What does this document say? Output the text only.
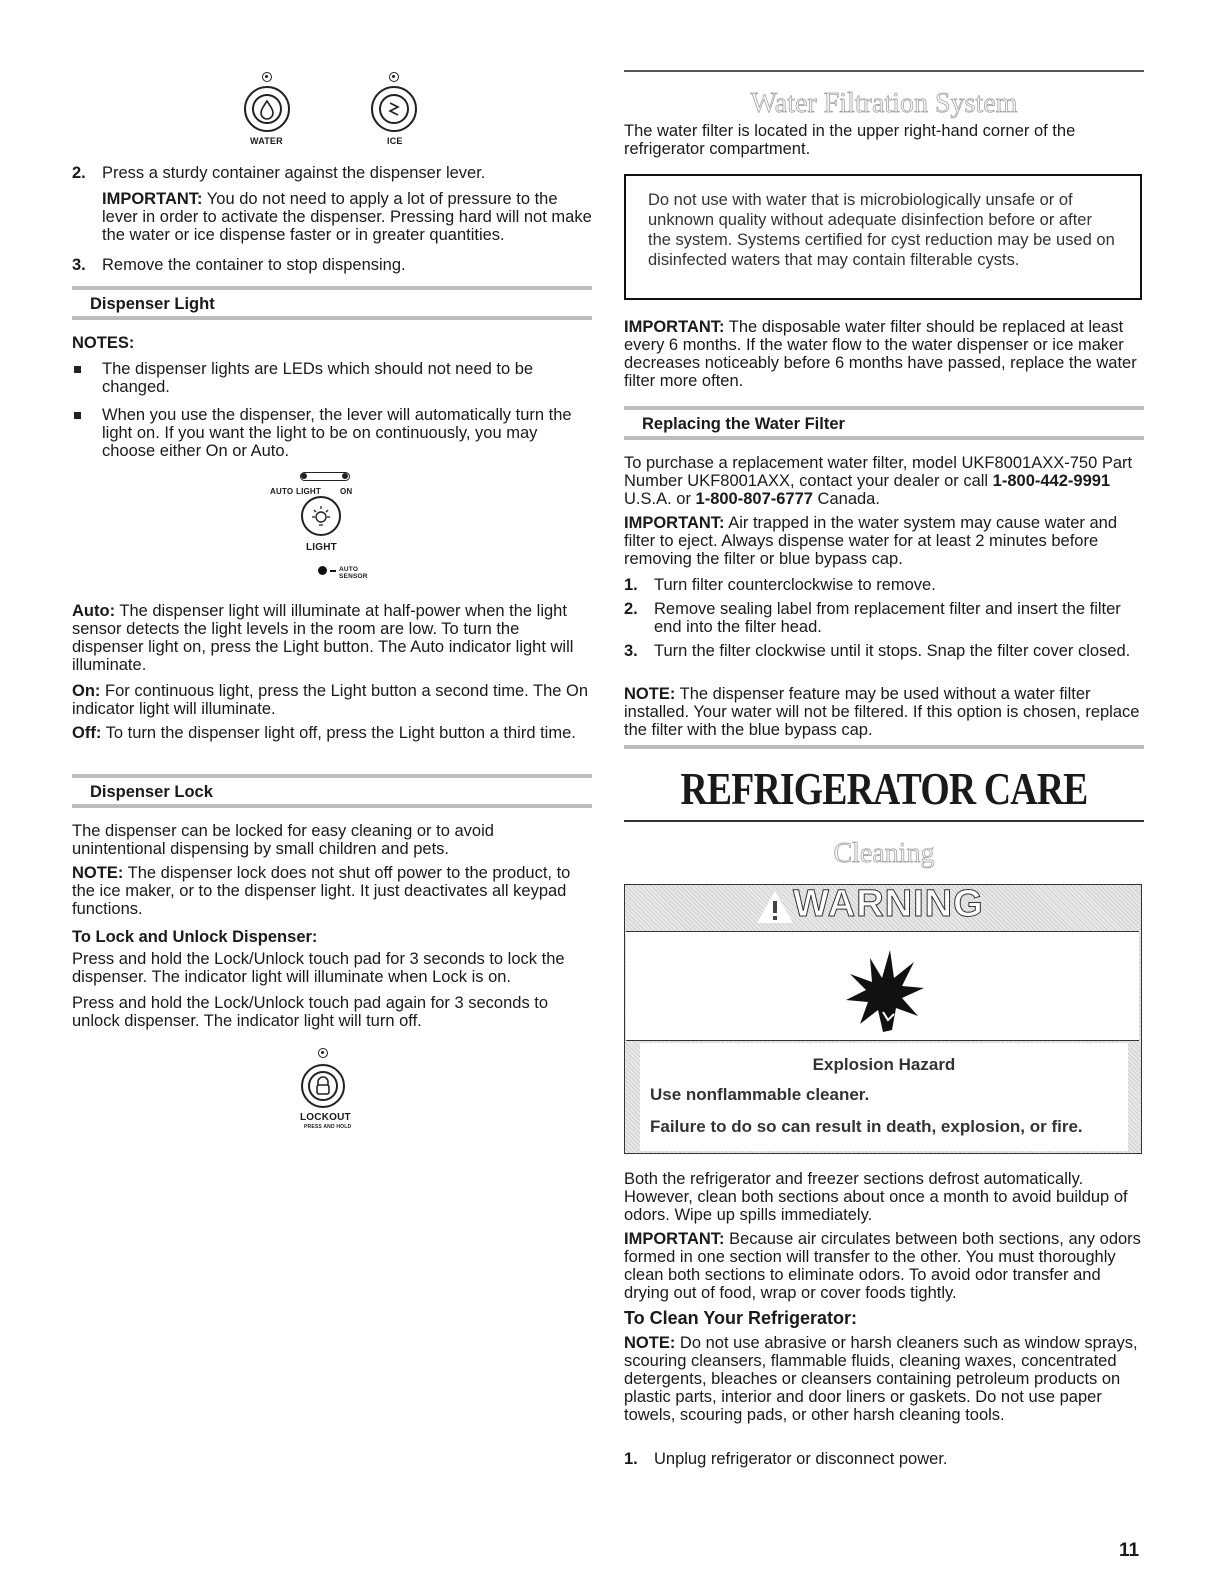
WATER	ICE
2. Press a sturdy container against the dispenser lever.

IMPORTANT: You do not need to apply a lot of pressure to the lever in order to activate the dispenser. Pressing hard will not make the water or ice dispense faster or in greater quantities.

3. Remove the container to stop dispensing.

Dispenser Light
NOTES:

The dispenser lights are LEDs which should not need to be changed.

When you use the dispenser, the lever will automatically turn the light on. If you want the light to be on continuously, you may choose either On or Auto.

AUTO LIGHT ON
LIGHT
AUTO SENSOR

Auto: The dispenser light will illuminate at half-power when the light sensor detects the light levels in the room are low. To turn the dispenser light on, press the Light button. The Auto indicator light will illuminate.

On: For continuous light, press the Light button a second time. The On indicator light will illuminate.

Off: To turn the dispenser light off, press the Light button a third time.

Dispenser Lock

The dispenser can be locked for easy cleaning or to avoid unintentional dispensing by small children and pets.

NOTE: The dispenser lock does not shut off power to the product, to the ice maker, or to the dispenser light. It just deactivates all keypad functions.

To Lock and Unlock Dispenser:

Press and hold the Lock/Unlock touch pad for 3 seconds to lock the dispenser. The indicator light will illuminate when Lock is on.

Press and hold the Lock/Unlock touch pad again for 3 seconds to unlock dispenser. The indicator light will turn off.

LOCKOUT
PRESS AND HOLD
Water Filtration System

The water filter is located in the upper right-hand corner of the refrigerator compartment.

Do not use with water that is microbiologically unsafe or of unknown quality without adequate disinfection before or after the system. Systems certified for cyst reduction may be used on disinfected waters that may contain filterable cysts.

IMPORTANT: The disposable water filter should be replaced at least every 6 months. If the water flow to the water dispenser or ice maker decreases noticeably before 6 months have passed, replace the water filter more often.

Replacing the Water Filter

To purchase a replacement water filter, model UKF8001AXX-750 Part Number UKF8001AXX, contact your dealer or call 1-800-442-9991 U.S.A. or 1-800-807-6777 Canada.

IMPORTANT: Air trapped in the water system may cause water and filter to eject. Always dispense water for at least 2 minutes before removing the filter or blue bypass cap.

1. Turn filter counterclockwise to remove.

2. Remove sealing label from replacement filter and insert the filter end into the filter head.

3. Turn the filter clockwise until it stops. Snap the filter cover closed.

NOTE: The dispenser feature may be used without a water filter installed. Your water will not be filtered. If this option is chosen, replace the filter with the blue bypass cap.

REFRIGERATOR CARE
Cleaning
WARNING
Explosion Hazard
Use nonflammable cleaner.
Failure to do so can result in death, explosion, or fire.

Both the refrigerator and freezer sections defrost automatically. However, clean both sections about once a month to avoid buildup of odors. Wipe up spills immediately.

IMPORTANT: Because air circulates between both sections, any odors formed in one section will transfer to the other. You must thoroughly clean both sections to eliminate odors. To avoid odor transfer and drying out of food, wrap or cover foods tightly.

To Clean Your Refrigerator:

NOTE: Do not use abrasive or harsh cleaners such as window sprays, scouring cleansers, flammable fluids, cleaning waxes, concentrated detergents, bleaches or cleansers containing petroleum products on plastic parts, interior and door liners or gaskets. Do not use paper towels, scouring pads, or other harsh cleaning tools.

1. Unplug refrigerator or disconnect power.

11
